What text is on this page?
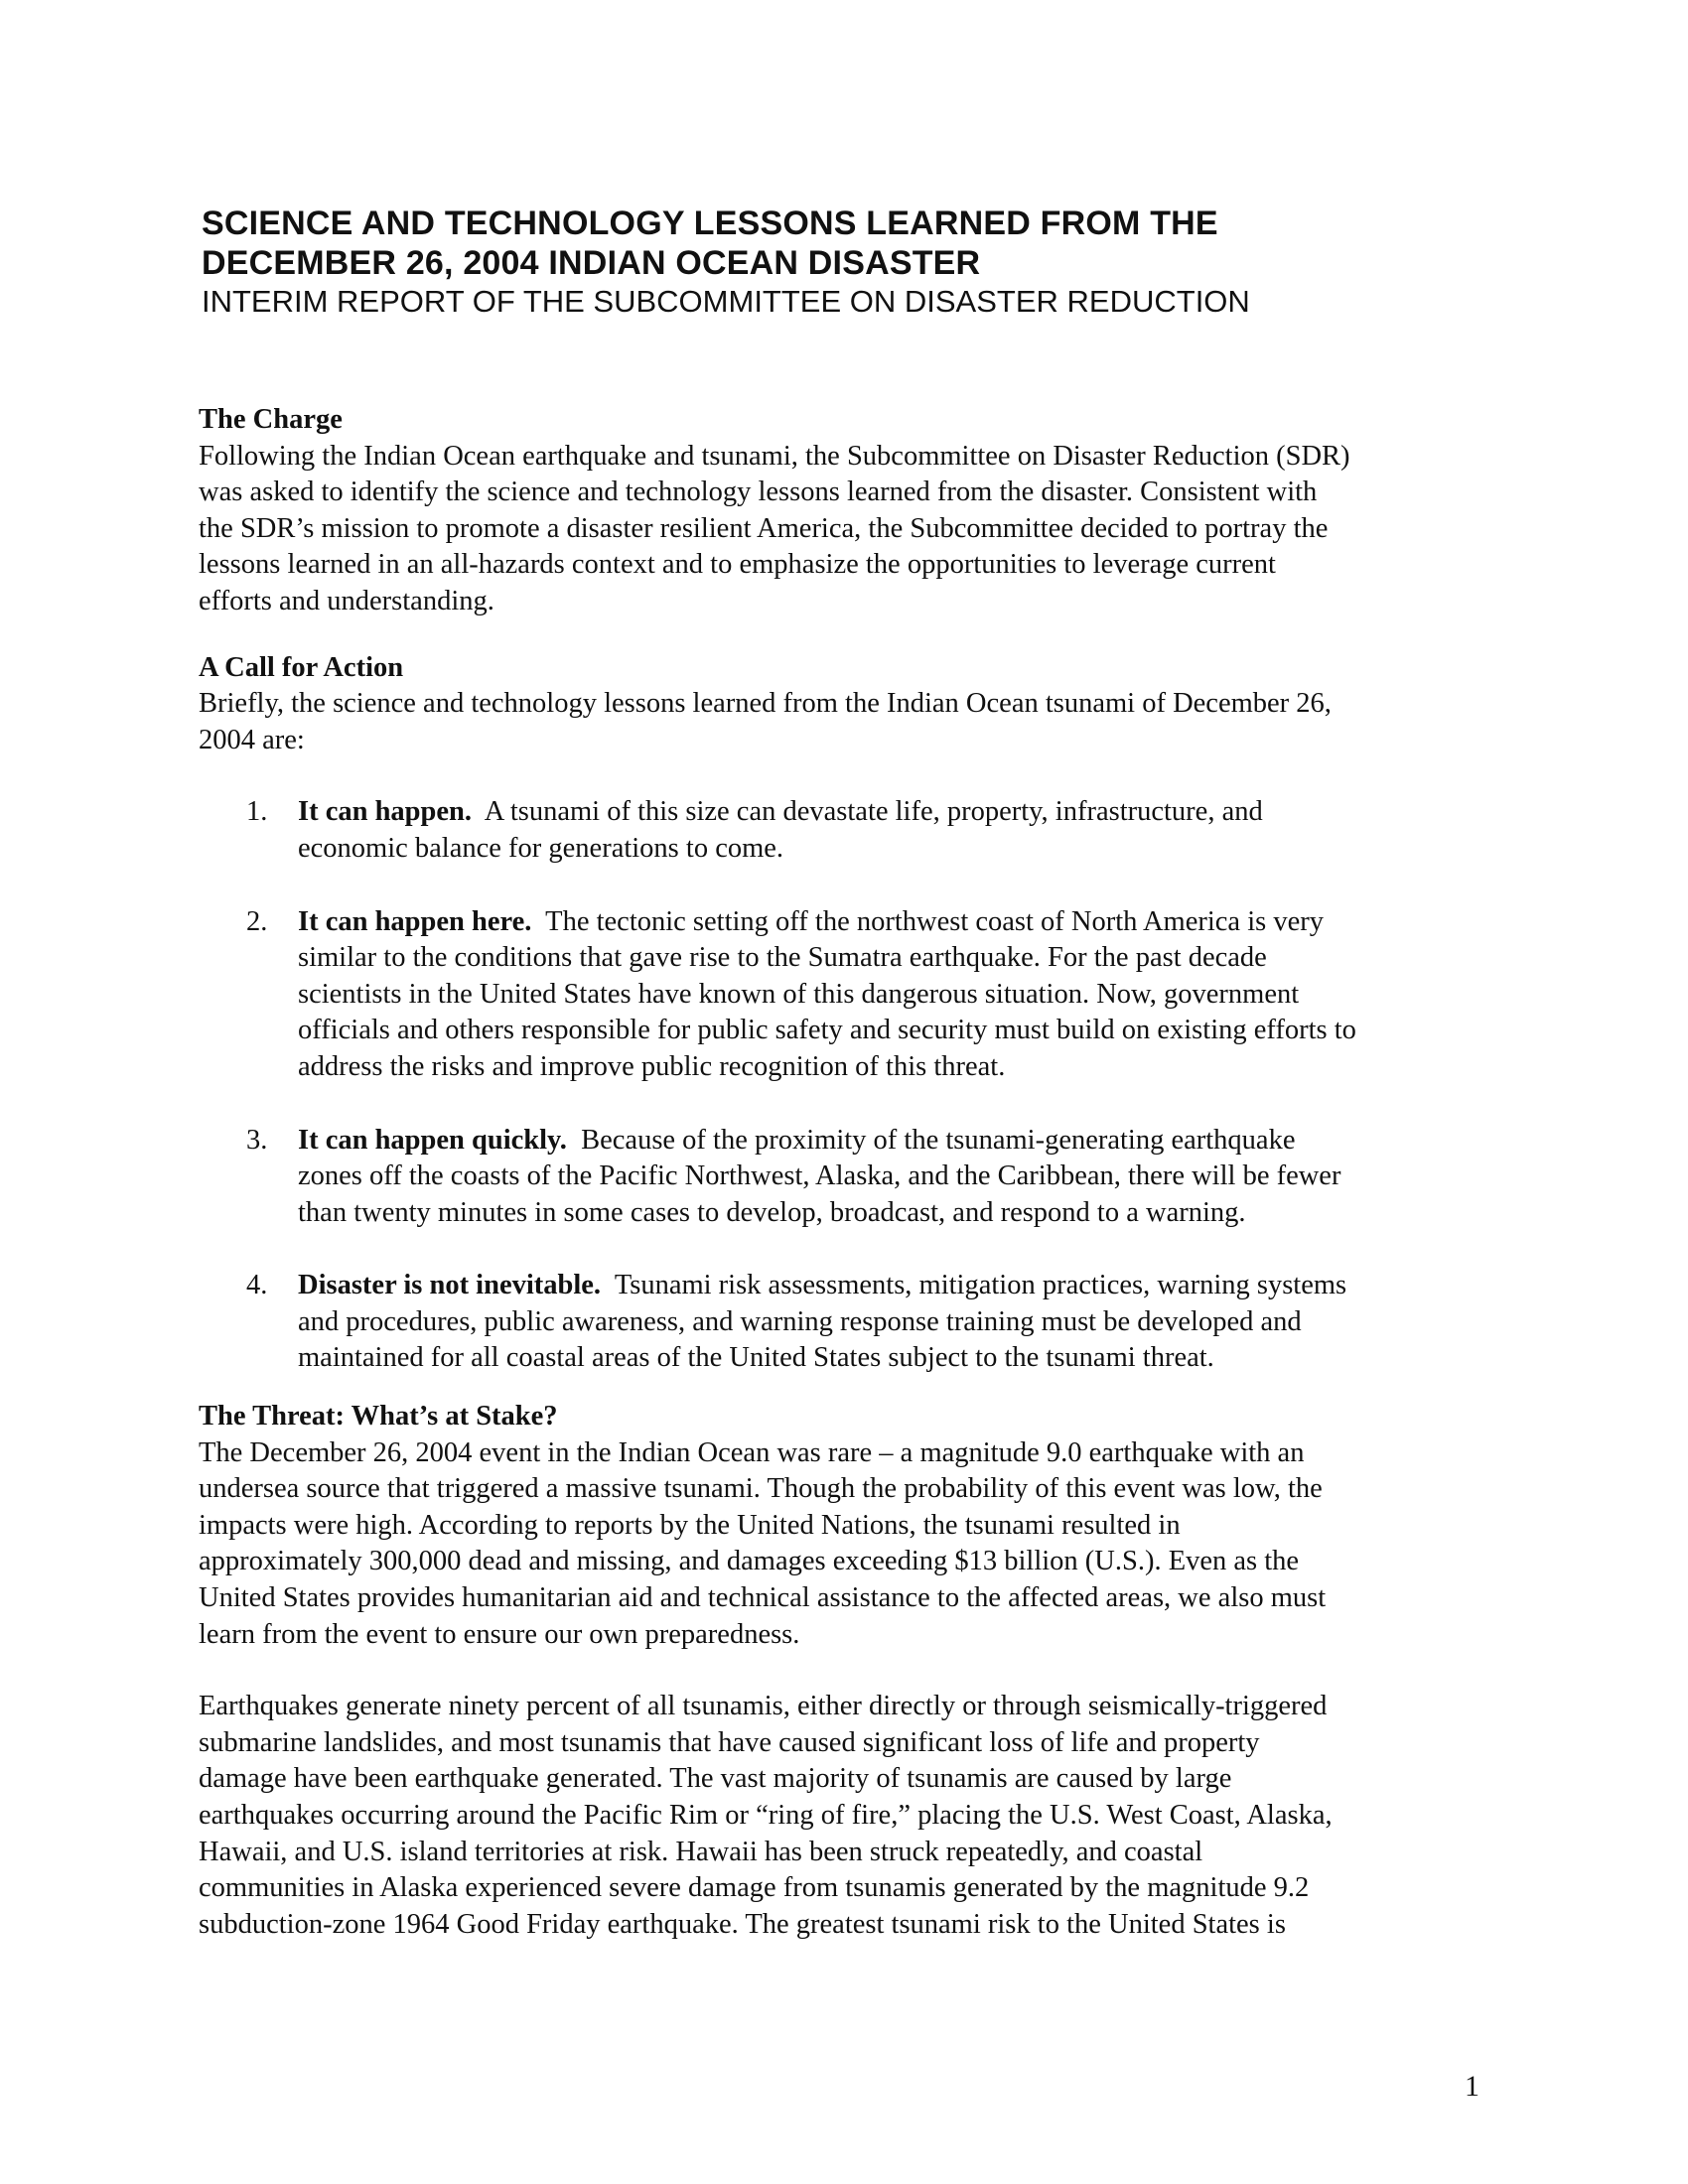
SCIENCE AND TECHNOLOGY LESSONS LEARNED FROM THE
DECEMBER 26, 2004 INDIAN OCEAN DISASTER
INTERIM REPORT OF THE SUBCOMMITTEE ON DISASTER REDUCTION
The Charge
Following the Indian Ocean earthquake and tsunami, the Subcommittee on Disaster Reduction (SDR)
was asked to identify the science and technology lessons learned from the disaster. Consistent with
the SDR’s mission to promote a disaster resilient America, the Subcommittee decided to portray the
lessons learned in an all-hazards context and to emphasize the opportunities to leverage current
efforts and understanding.
A Call for Action
Briefly, the science and technology lessons learned from the Indian Ocean tsunami of December 26,
2004 are:
1. It can happen. A tsunami of this size can devastate life, property, infrastructure, and
economic balance for generations to come.
2. It can happen here. The tectonic setting off the northwest coast of North America is very
similar to the conditions that gave rise to the Sumatra earthquake. For the past decade
scientists in the United States have known of this dangerous situation. Now, government
officials and others responsible for public safety and security must build on existing efforts to
address the risks and improve public recognition of this threat.
3. It can happen quickly. Because of the proximity of the tsunami-generating earthquake
zones off the coasts of the Pacific Northwest, Alaska, and the Caribbean, there will be fewer
than twenty minutes in some cases to develop, broadcast, and respond to a warning.
4. Disaster is not inevitable. Tsunami risk assessments, mitigation practices, warning systems
and procedures, public awareness, and warning response training must be developed and
maintained for all coastal areas of the United States subject to the tsunami threat.
The Threat: What’s at Stake?
The December 26, 2004 event in the Indian Ocean was rare – a magnitude 9.0 earthquake with an
undersea source that triggered a massive tsunami. Though the probability of this event was low, the
impacts were high. According to reports by the United Nations, the tsunami resulted in
approximately 300,000 dead and missing, and damages exceeding $13 billion (U.S.). Even as the
United States provides humanitarian aid and technical assistance to the affected areas, we also must
learn from the event to ensure our own preparedness.
Earthquakes generate ninety percent of all tsunamis, either directly or through seismically-triggered
submarine landslides, and most tsunamis that have caused significant loss of life and property
damage have been earthquake generated. The vast majority of tsunamis are caused by large
earthquakes occurring around the Pacific Rim or “ring of fire,” placing the U.S. West Coast, Alaska,
Hawaii, and U.S. island territories at risk. Hawaii has been struck repeatedly, and coastal
communities in Alaska experienced severe damage from tsunamis generated by the magnitude 9.2
subduction-zone 1964 Good Friday earthquake. The greatest tsunami risk to the United States is
1
